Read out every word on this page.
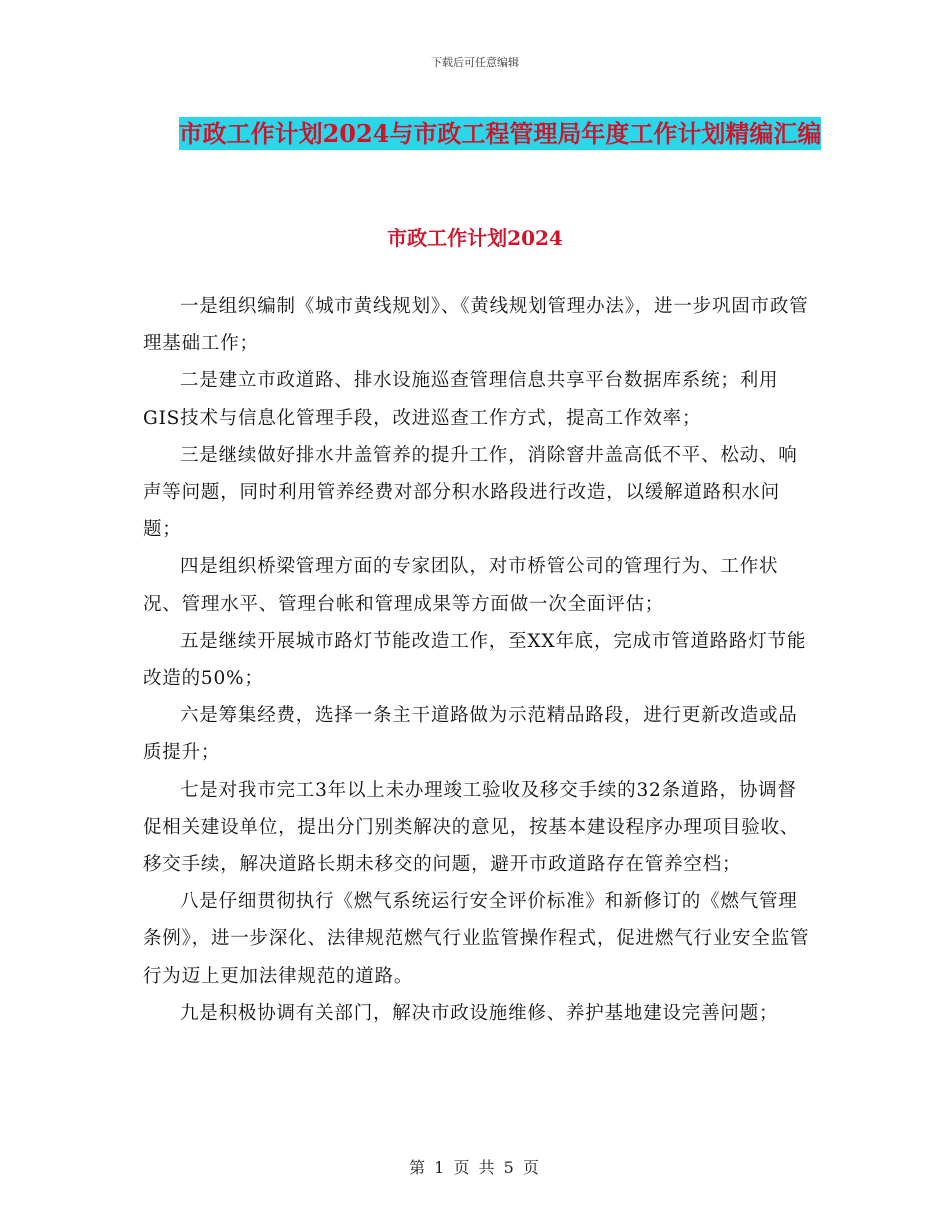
下载后可任意编辑
市政工作计划2024与市政工程管理局年度工作计划精编汇编
市政工作计划2024

一是组织编制《城市黄线规划》、《黄线规划管理办法》，进一步巩固市政管理基础工作；

二是建立市政道路、排水设施巡查管理信息共享平台数据库系统；利用GIS技术与信息化管理手段，改进巡查工作方式，提高工作效率；

三是继续做好排水井盖管养的提升工作，消除窨井盖高低不平、松动、响声等问题，同时利用管养经费对部分积水路段进行改造，以缓解道路积水问题；

四是组织桥梁管理方面的专家团队，对市桥管公司的管理行为、工作状况、管理水平、管理台帐和管理成果等方面做一次全面评估；

五是继续开展城市路灯节能改造工作，至XX年底，完成市管道路路灯节能改造的50%；

六是筹集经费，选择一条主干道路做为示范精品路段，进行更新改造或品质提升；

七是对我市完工3年以上未办理竣工验收及移交手续的32条道路，协调督促相关建设单位，提出分门别类解决的意见，按基本建设程序办理项目验收、移交手续，解决道路长期未移交的问题，避开市政道路存在管养空档；

八是仔细贯彻执行《燃气系统运行安全评价标准》和新修订的《燃气管理条例》，进一步深化、法律规范燃气行业监管操作程式，促进燃气行业安全监管行为迈上更加法律规范的道路。

九是积极协调有关部门，解决市政设施维修、养护基地建设完善问题；

第 1 页 共 5 页
